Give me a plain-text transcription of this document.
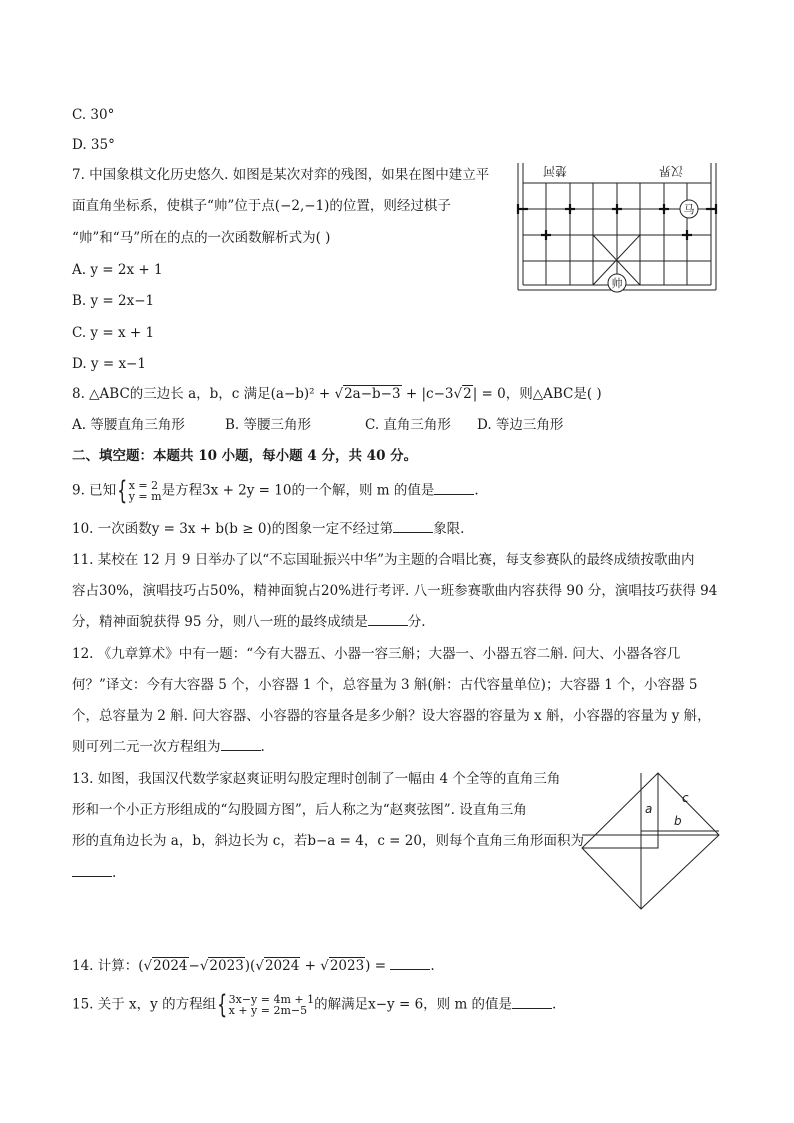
C. 30°
D. 35°
7. 中国象棋文化历史悠久. 如图是某次对弈的残图，如果在图中建立平
面直角坐标系，使棋子“帅”位于点(−2,−1)的位置，则经过棋子
“帅”和“马”所在的点的一次函数解析式为( )
A. y = 2x + 1
B. y = 2x−1
C. y = x + 1
D. y = x−1
楚河	汉界
马
帅
8. △ABC的三边长 a，b，c 满足(a−b)² + √2a−b−3 + |c−3√2| = 0，则△ABC是( )
A. 等腰直角三角形	B. 等腰三角形	C. 直角三角形 D. 等边三角形
二、填空题：本题共 10 小题，每小题 4 分，共 40 分。
9. 已知 { x = 2
y = m 是方程3x + 2y = 10的一个解，则 m 的值是	.
10. 一次函数y = 3x + b(b ≥ 0)的图象一定不经过第	象限.
11. 某校在 12 月 9 日举办了以“不忘国耻振兴中华”为主题的合唱比赛，每支参赛队的最终成绩按歌曲内
容占30%，演唱技巧占50%，精神面貌占20%进行考评. 八一班参赛歌曲内容获得 90 分，演唱技巧获得 94
分，精神面貌获得 95 分，则八一班的最终成绩是	分.
12. 《九章算术》中有一题：“今有大器五、小器一容三斛；大器一、小器五容二斛. 问大、小器各容几
何？”译文：今有大容器 5 个，小容器 1 个，总容量为 3 斛(斛：古代容量单位)；大容器 1 个，小容器 5
个，总容量为 2 斛. 问大容器、小容器的容量各是多少斛？设大容器的容量为 x 斛，小容器的容量为 y 斛，
则可列二元一次方程组为	.
13. 如图，我国汉代数学家赵爽证明勾股定理时创制了一幅由 4 个全等的直角三角
形和一个小正方形组成的“勾股圆方图”，后人称之为“赵爽弦图”. 设直角三角
形的直角边长为 a，b，斜边长为 c，若b−a = 4，c = 20，则每个直角三角形面积为
.
a
b
c
14. 计算：(√2024−√2023)(√2024 + √2023) =	.
15. 关于 x，y 的方程组 { 3x−y = 4m + 1
x + y = 2m−5 的解满足x−y = 6，则 m 的值是	.
